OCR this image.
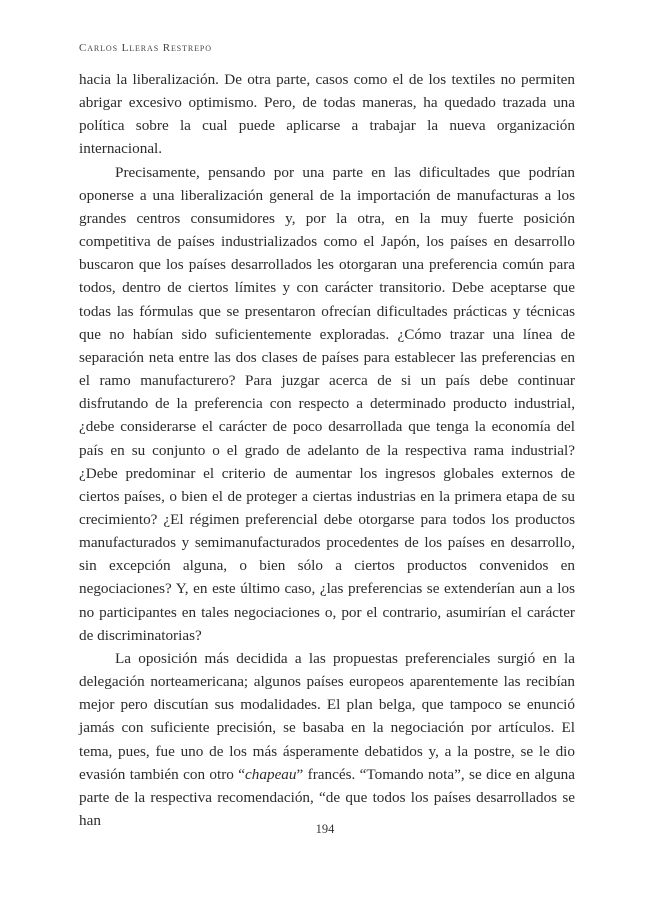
Carlos Lleras Restrepo

hacia la liberalización. De otra parte, casos como el de los textiles no permiten abrigar excesivo optimismo. Pero, de todas maneras, ha quedado trazada una política sobre la cual puede aplicarse a trabajar la nueva organización internacional.

Precisamente, pensando por una parte en las dificultades que podrían oponerse a una liberalización general de la importación de manufacturas a los grandes centros consumidores y, por la otra, en la muy fuerte posición competitiva de países industrializados como el Japón, los países en desarrollo buscaron que los países desarrollados les otorgaran una preferencia común para todos, dentro de ciertos límites y con carácter transitorio. Debe aceptarse que todas las fórmulas que se presentaron ofrecían dificultades prácticas y técnicas que no habían sido suficientemente exploradas. ¿Cómo trazar una línea de separación neta entre las dos clases de países para establecer las preferencias en el ramo manufacturero? Para juzgar acerca de si un país debe continuar disfrutando de la preferencia con respecto a determinado producto industrial, ¿debe considerarse el carácter de poco desarrollada que tenga la economía del país en su conjunto o el grado de adelanto de la respectiva rama industrial? ¿Debe predominar el criterio de aumentar los ingresos globales externos de ciertos países, o bien el de proteger a ciertas industrias en la primera etapa de su crecimiento? ¿El régimen preferencial debe otorgarse para todos los productos manufacturados y semimanufacturados procedentes de los países en desarrollo, sin excepción alguna, o bien sólo a ciertos productos convenidos en negociaciones? Y, en este último caso, ¿las preferencias se extenderían aun a los no participantes en tales negociaciones o, por el contrario, asumirían el carácter de discriminatorias?

La oposición más decidida a las propuestas preferenciales surgió en la delegación norteamericana; algunos países europeos aparentemente las recibían mejor pero discutían sus modalidades. El plan belga, que tampoco se enunció jamás con suficiente precisión, se basaba en la negociación por artículos. El tema, pues, fue uno de los más ásperamente debatidos y, a la postre, se le dio evasión también con otro “chapeau” francés. “Tomando nota”, se dice en alguna parte de la respectiva recomendación, “de que todos los países desarrollados se han	194
